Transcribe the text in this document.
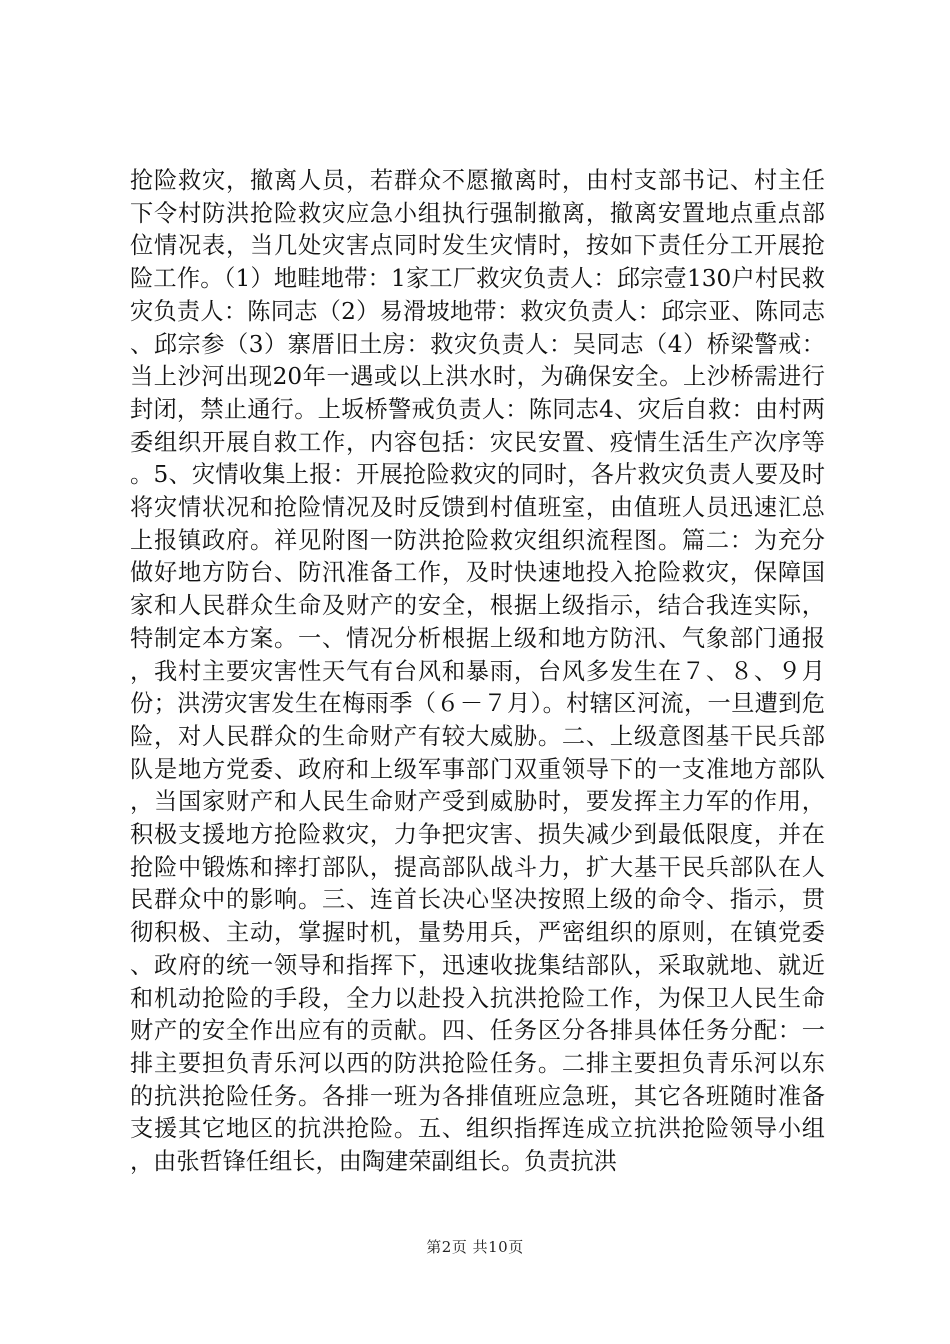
抢险救灾，撤离人员，若群众不愿撤离时，由村支部书记、村主任下令村防洪抢险救灾应急小组执行强制撤离，撤离安置地点重点部位情况表，当几处灾害点同时发生灾情时，按如下责任分工开展抢险工作。（1）地畦地带：1家工厂救灾负责人：邱宗壹130户村民救灾负责人：陈同志（2）易滑坡地带：救灾负责人：邱宗亚、陈同志、邱宗参（3）寨厝旧土房：救灾负责人：吴同志（4）桥梁警戒：当上沙河出现20年一遇或以上洪水时，为确保安全。上沙桥需进行封闭，禁止通行。上坂桥警戒负责人：陈同志4、灾后自救：由村两委组织开展自救工作，内容包括：灾民安置、疫情生活生产次序等。5、灾情收集上报：开展抢险救灾的同时，各片救灾负责人要及时将灾情状况和抢险情况及时反馈到村值班室，由值班人员迅速汇总上报镇政府。祥见附图一防洪抢险救灾组织流程图。篇二：为充分做好地方防台、防汛准备工作，及时快速地投入抢险救灾，保障国家和人民群众生命及财产的安全，根据上级指示，结合我连实际，特制定本方案。一、情况分析根据上级和地方防汛、气象部门通报，我村主要灾害性天气有台风和暴雨，台风多发生在７、８、９月份；洪涝灾害发生在梅雨季（６－７月）。村辖区河流，一旦遭到危险，对人民群众的生命财产有较大威胁。二、上级意图基干民兵部队是地方党委、政府和上级军事部门双重领导下的一支准地方部队，当国家财产和人民生命财产受到威胁时，要发挥主力军的作用，积极支援地方抢险救灾，力争把灾害、损失减少到最低限度，并在抢险中锻炼和摔打部队，提高部队战斗力，扩大基干民兵部队在人民群众中的影响。三、连首长决心坚决按照上级的命令、指示，贯彻积极、主动，掌握时机，量势用兵，严密组织的原则，在镇党委、政府的统一领导和指挥下，迅速收拢集结部队，采取就地、就近和机动抢险的手段，全力以赴投入抗洪抢险工作，为保卫人民生命财产的安全作出应有的贡献。四、任务区分各排具体任务分配：一排主要担负青乐河以西的防洪抢险任务。二排主要担负青乐河以东的抗洪抢险任务。各排一班为各排值班应急班，其它各班随时准备支援其它地区的抗洪抢险。五、组织指挥连成立抗洪抢险领导小组，由张哲锋任组长，由陶建荣副组长。负责抗洪

第2页 共10页
